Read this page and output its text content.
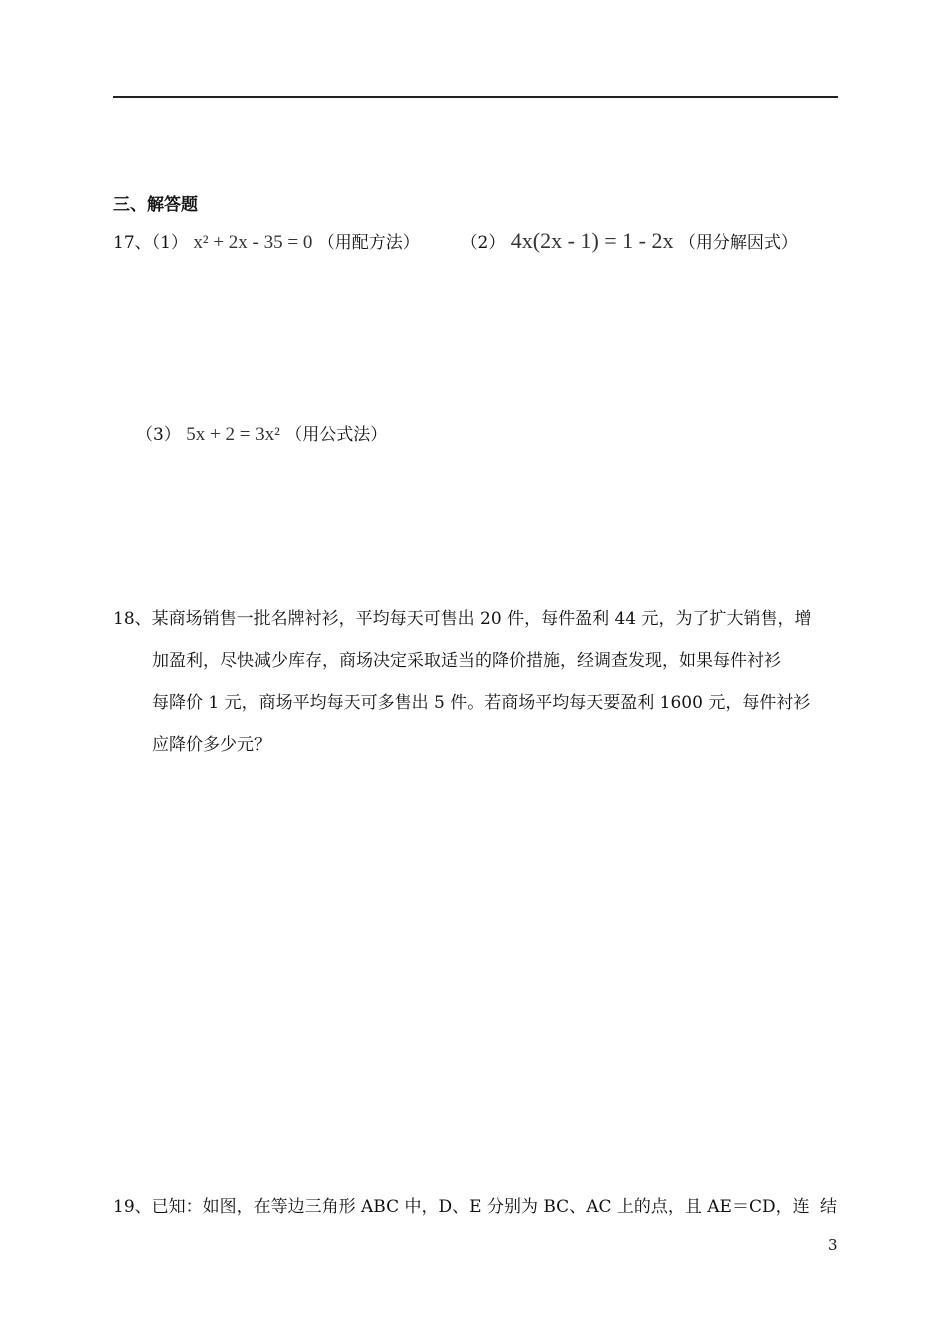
三、解答题
17、（1） x² + 2x - 35 = 0 （用配方法） （2） 4x(2x - 1) = 1 - 2x （用分解因式）
（3） 5x + 2 = 3x² （用公式法）
18、某商场销售一批名牌衬衫，平均每天可售出 20 件，每件盈利 44 元，为了扩大销售，增
加盈利，尽快减少库存，商场决定采取适当的降价措施，经调查发现，如果每件衬衫
每降价 1 元，商场平均每天可多售出 5 件。若商场平均每天要盈利 1600 元，每件衬衫
应降价多少元？
19、已知：如图，在等边三角形 ABC 中，D、E 分别为 BC、AC 上的点，且 AE＝CD，连 结
3
